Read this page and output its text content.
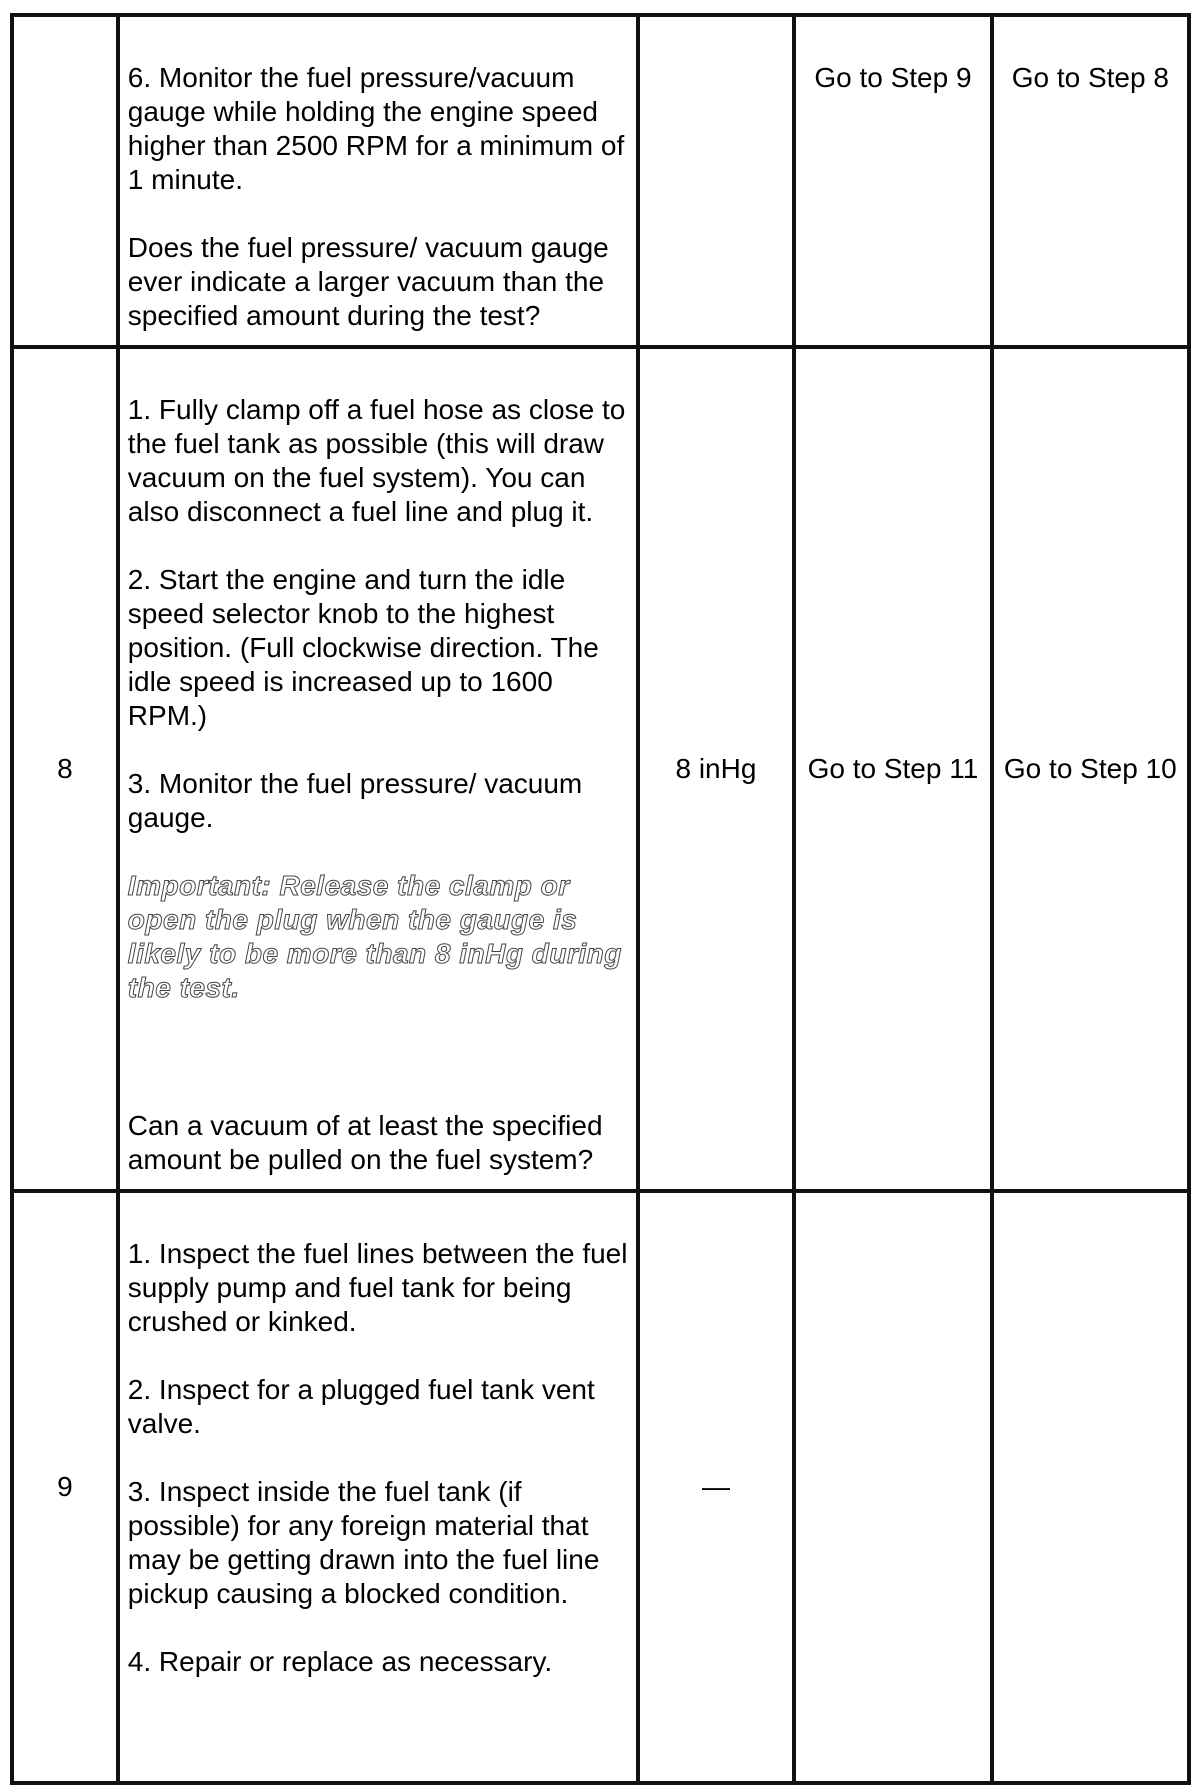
	6. Monitor the fuel pressure/vacuum gauge while holding the engine speed higher than 2500 RPM for a minimum of 1 minute.

Does the fuel pressure/ vacuum gauge ever indicate a larger vacuum than the specified amount during the test?		Go to Step 9	Go to Step 8
8	1. Fully clamp off a fuel hose as close to the fuel tank as possible (this will draw vacuum on the fuel system). You can also disconnect a fuel line and plug it.

2. Start the engine and turn the idle speed selector knob to the highest position. (Full clockwise direction. The idle speed is increased up to 1600 RPM.)

3. Monitor the fuel pressure/ vacuum gauge.

Important: Release the clamp or open the plug when the gauge is likely to be more than 8 inHg during the test.

Can a vacuum of at least the specified amount be pulled on the fuel system?	8 inHg	Go to Step 11	Go to Step 10
9	1. Inspect the fuel lines between the fuel supply pump and fuel tank for being crushed or kinked.

2. Inspect for a plugged fuel tank vent valve.

3. Inspect inside the fuel tank (if possible) for any foreign material that may be getting drawn into the fuel line pickup causing a blocked condition.

4. Repair or replace as necessary.	—		
